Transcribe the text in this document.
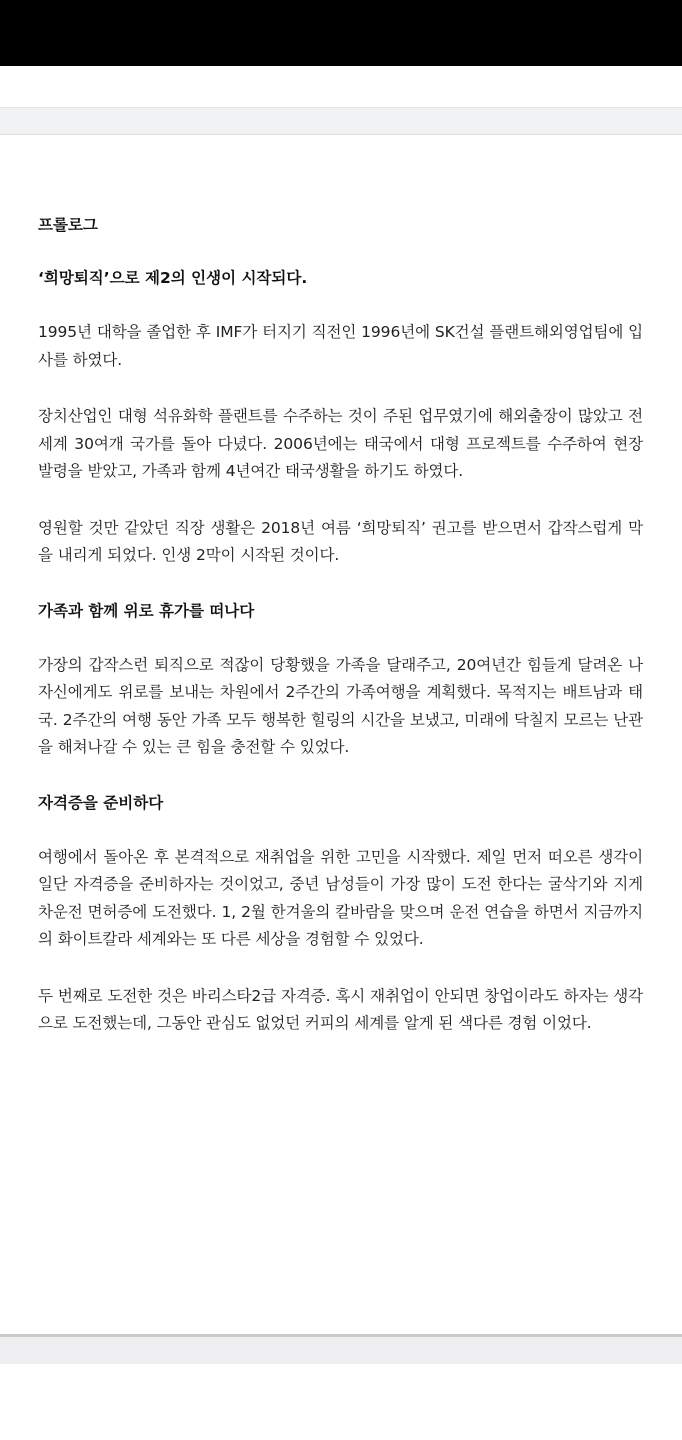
프롤로그
‘희망퇴직’으로 제2의 인생이 시작되다.

1995년 대학을 졸업한 후 IMF가 터지기 직전인 1996년에 SK건설 플랜트해외영업팀에 입사를 하였다.

장치산업인 대형 석유화학 플랜트를 수주하는 것이 주된 업무였기에 해외출장이 많았고 전세계 30여개 국가를 돌아 다녔다. 2006년에는 태국에서 대형 프로젝트를 수주하여 현장 발령을 받았고, 가족과 함께 4년여간 태국생활을 하기도 하였다.

영원할 것만 같았던 직장 생활은 2018년 여름 ‘희망퇴직’ 권고를 받으면서 갑작스럽게 막을 내리게 되었다. 인생 2막이 시작된 것이다.

가족과 함께 위로 휴가를 떠나다

가장의 갑작스런 퇴직으로 적잖이 당황했을 가족을 달래주고, 20여년간 힘들게 달려온 나 자신에게도 위로를 보내는 차원에서 2주간의 가족여행을 계획했다. 목적지는 배트남과 태국. 2주간의 여행 동안 가족 모두 행복한 힐링의 시간을 보냈고, 미래에 닥칠지 모르는 난관을 해쳐나갈 수 있는 큰 힘을 충전할 수 있었다.

자격증을 준비하다

여행에서 돌아온 후 본격적으로 재취업을 위한 고민을 시작했다. 제일 먼저 떠오른 생각이 일단 자격증을 준비하자는 것이었고, 중년 남성들이 가장 많이 도전 한다는 굴삭기와 지게차운전 면허증에 도전했다. 1, 2월 한겨울의 칼바람을 맞으며 운전 연습을 하면서 지금까지의 화이트칼라 세계와는 또 다른 세상을 경험할 수 있었다.

두 번째로 도전한 것은 바리스타2급 자격증. 혹시 재취업이 안되면 창업이라도 하자는 생각으로 도전했는데, 그동안 관심도 없었던 커피의 세계를 알게 된 색다른 경험 이었다.
